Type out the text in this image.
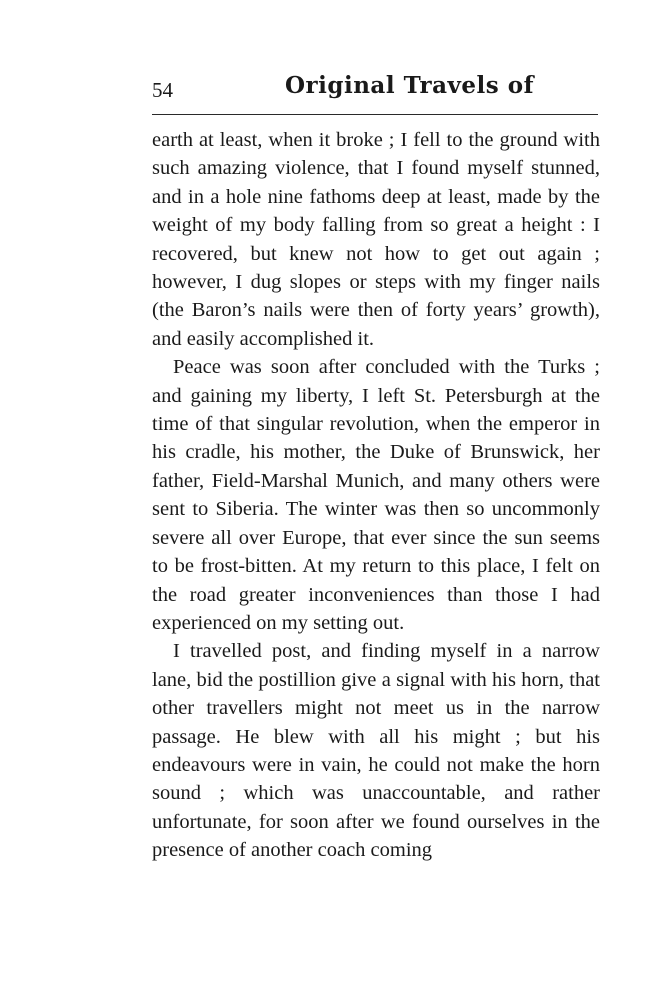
54	Original Travels of

earth at least, when it broke ; I fell to the ground with such amazing violence, that I found myself stunned, and in a hole nine fathoms deep at least, made by the weight of my body falling from so great a height : I recovered, but knew not how to get out again ; however, I dug slopes or steps with my finger nails (the Baron’s nails were then of forty years’ growth), and easily accomplished it.

Peace was soon after concluded with the Turks ; and gaining my liberty, I left St. Petersburgh at the time of that singular revolution, when the emperor in his cradle, his mother, the Duke of Brunswick, her father, Field-Marshal Munich, and many others were sent to Siberia. The winter was then so uncommonly severe all over Europe, that ever since the sun seems to be frost-bitten. At my return to this place, I felt on the road greater inconveniences than those I had experienced on my setting out.

I travelled post, and finding myself in a narrow lane, bid the postillion give a signal with his horn, that other travellers might not meet us in the narrow passage. He blew with all his might ; but his endeavours were in vain, he could not make the horn sound ; which was unaccountable, and rather unfortunate, for soon after we found ourselves in the presence of another coach coming
